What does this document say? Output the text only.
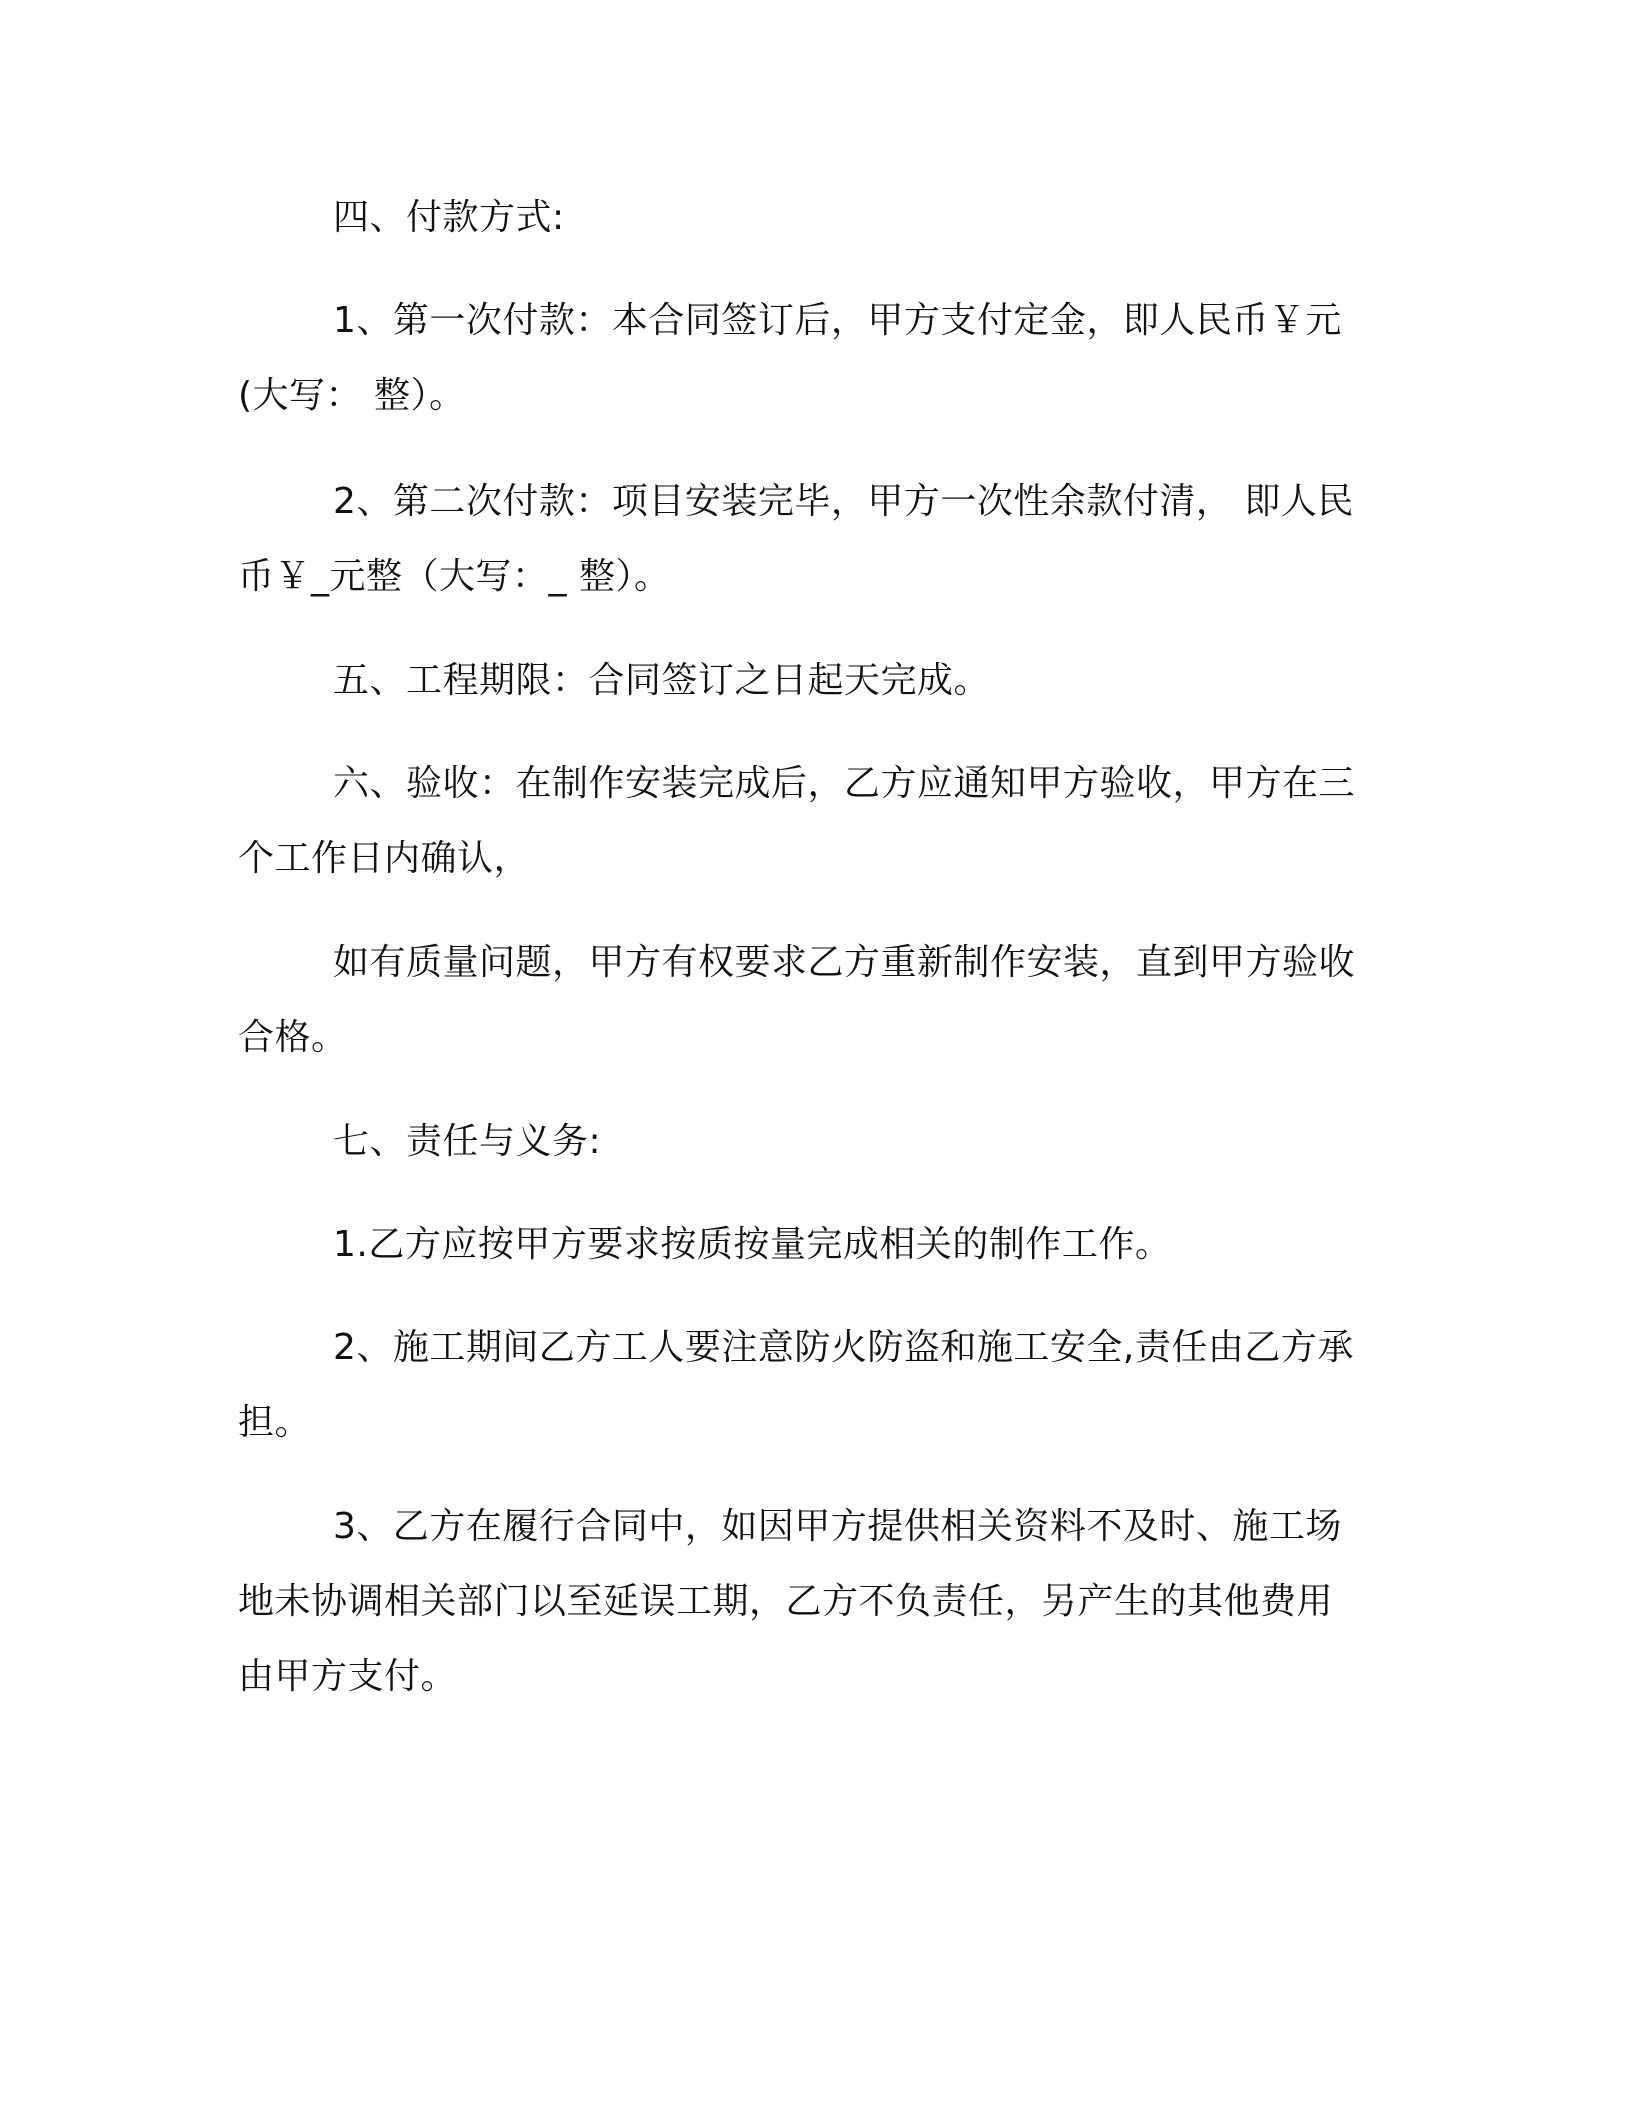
四、付款方式:
1、第一次付款：本合同签订后，甲方支付定金，即人民币￥元
(大写： 整）。
2、第二次付款：项目安装完毕，甲方一次性余款付清， 即人民
币￥_元整（大写：_ 整）。
五、工程期限：合同签订之日起天完成。
六、验收：在制作安装完成后，乙方应通知甲方验收，甲方在三
个工作日内确认，
如有质量问题，甲方有权要求乙方重新制作安装，直到甲方验收
合格。
七、责任与义务:
1.乙方应按甲方要求按质按量完成相关的制作工作。
2、施工期间乙方工人要注意防火防盗和施工安全,责任由乙方承
担。
3、乙方在履行合同中，如因甲方提供相关资料不及时、施工场
地未协调相关部门以至延误工期，乙方不负责任，另产生的其他费用
由甲方支付。
